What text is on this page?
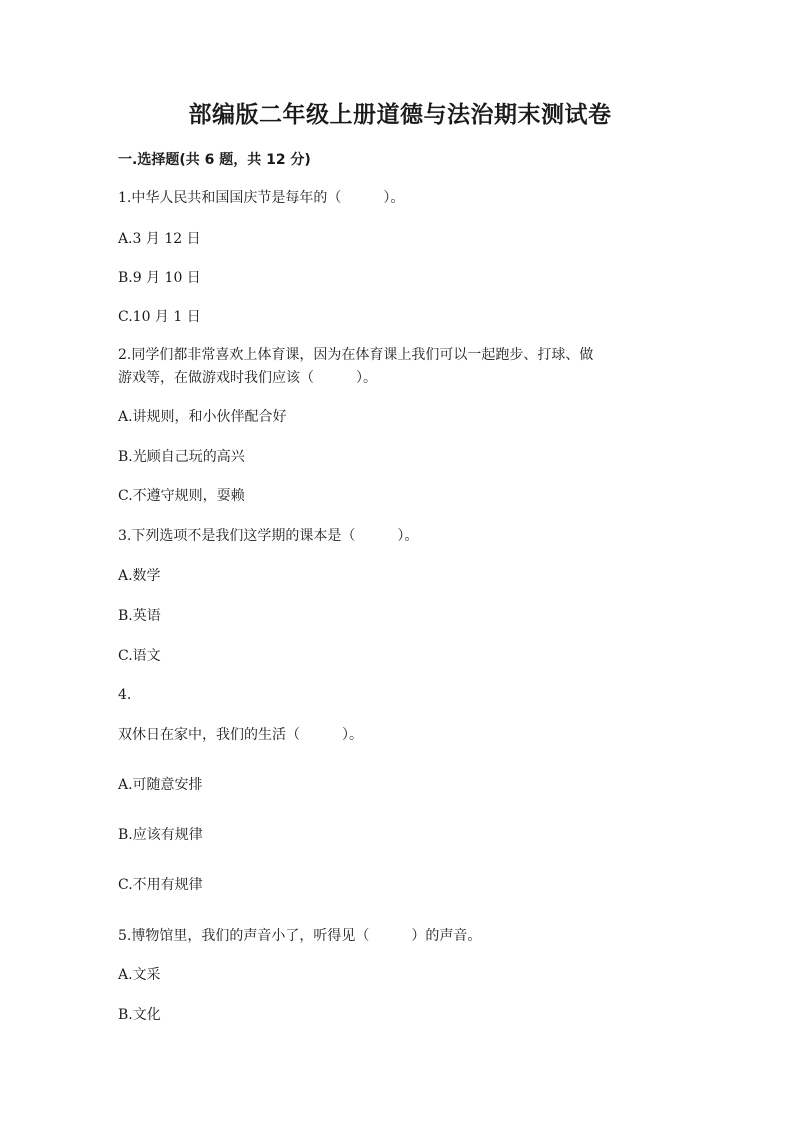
部编版二年级上册道德与法治期末测试卷
一.选择题(共 6 题，共 12 分)
1.中华人民共和国国庆节是每年的（　　　）。
A.3 月 12 日
B.9 月 10 日
C.10 月 1 日
2.同学们都非常喜欢上体育课，因为在体育课上我们可以一起跑步、打球、做
游戏等，在做游戏时我们应该（　　　）。
A.讲规则，和小伙伴配合好
B.光顾自己玩的高兴
C.不遵守规则，耍赖
3.下列选项不是我们这学期的课本是（　　　）。
A.数学
B.英语
C.语文
4.
双休日在家中，我们的生活（　　　）。
A.可随意安排
B.应该有规律
C.不用有规律
5.博物馆里，我们的声音小了，听得见（　　　）的声音。
A.文采
B.文化
